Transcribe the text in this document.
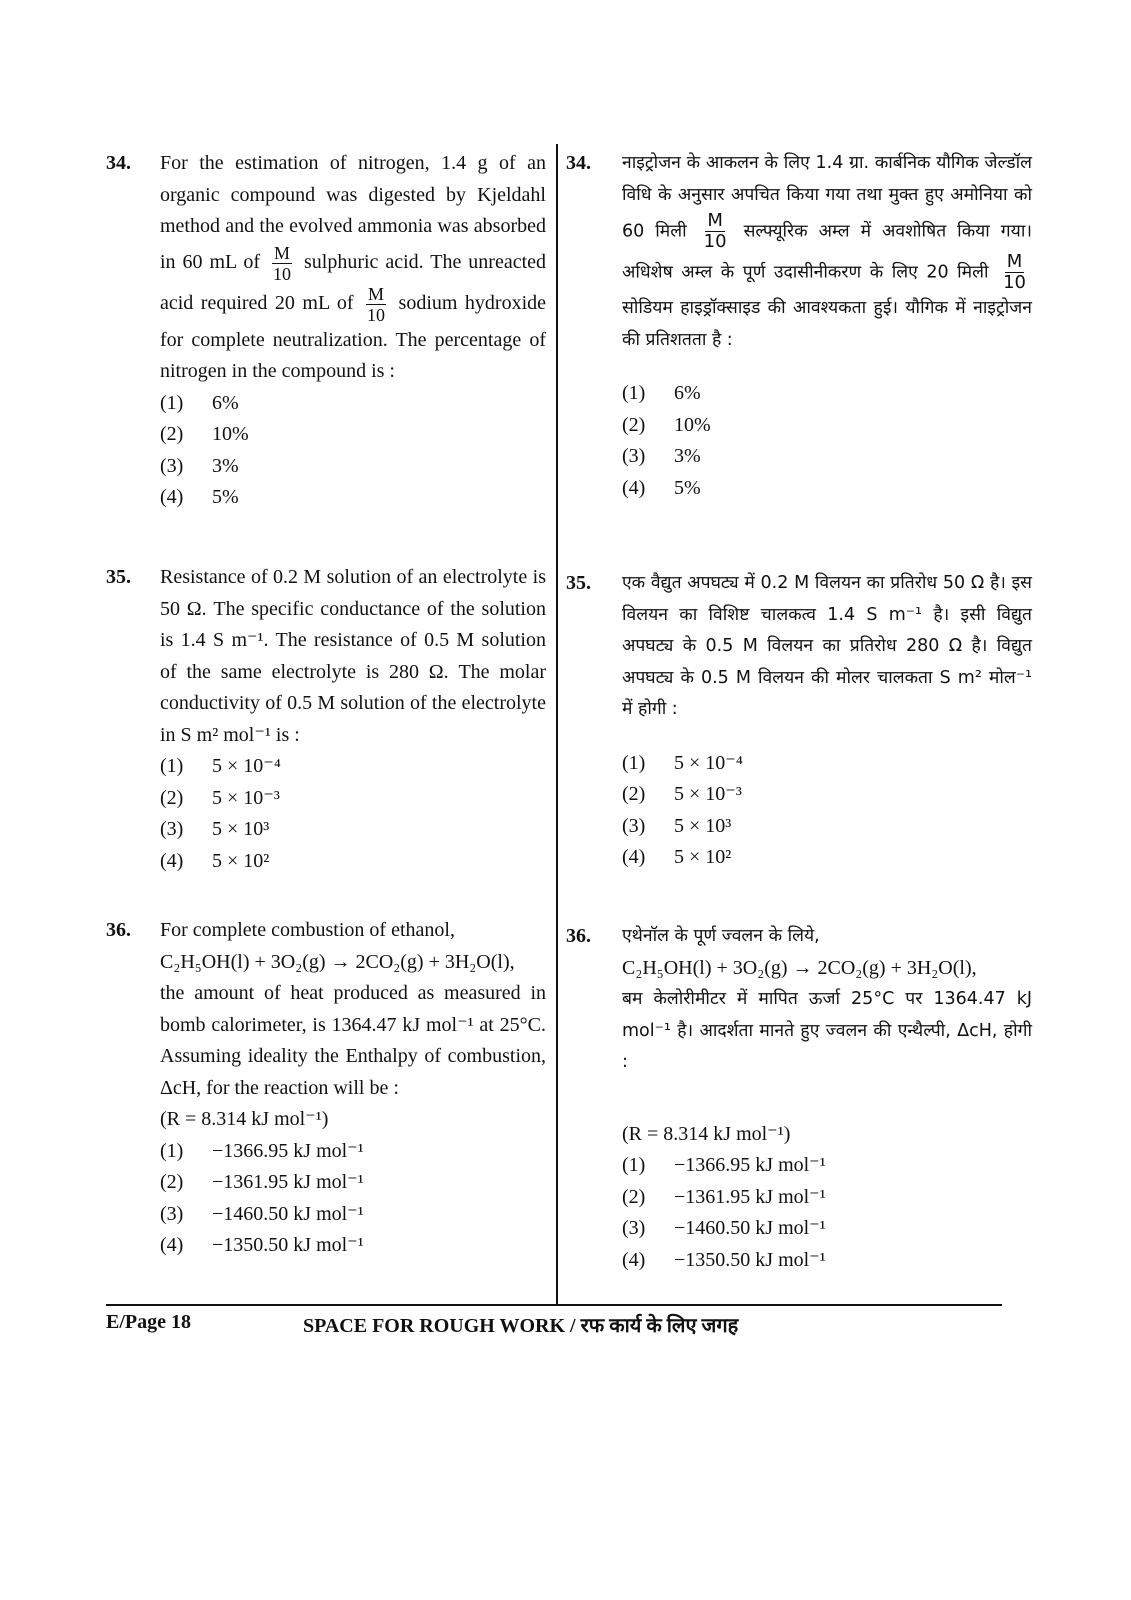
34. For the estimation of nitrogen, 1.4 g of an organic compound was digested by Kjeldahl method and the evolved ammonia was absorbed in 60 mL of $\frac{M}{10}$ sulphuric acid. The unreacted acid required 20 mL of $\frac{M}{10}$ sodium hydroxide for complete neutralization. The percentage of nitrogen in the compound is :
(1)	6%
(2)	10%
(3)	3%
(4)	5%
35. Resistance of 0.2 M solution of an electrolyte is 50 Ω. The specific conductance of the solution is 1.4 S m⁻¹. The resistance of 0.5 M solution of the same electrolyte is 280 Ω. The molar conductivity of 0.5 M solution of the electrolyte in S m² mol⁻¹ is :
(1)	5 × 10⁻⁴
(2)	5 × 10⁻³
(3)	5 × 10³
(4)	5 × 10²
36. For complete combustion of ethanol,
C₂H₅OH(l) + 3O₂(g) → 2CO₂(g) + 3H₂O(l),
the amount of heat produced as measured in bomb calorimeter, is 1364.47 kJ mol⁻¹ at 25°C. Assuming ideality the Enthalpy of combustion, ΔcH, for the reaction will be :
(R = 8.314 kJ mol⁻¹)
(1)	−1366.95 kJ mol⁻¹
(2)	−1361.95 kJ mol⁻¹
(3)	−1460.50 kJ mol⁻¹
(4)	−1350.50 kJ mol⁻¹
34. नाइट्रोजन के आकलन के लिए 1.4 ग्रा. कार्बनिक यौगिक जेल्डॉल विधि के अनुसार अपचित किया गया तथा मुक्त हुए अमोनिया को 60 मिली $\frac{M}{10}$ सल्फ्यूरिक अम्ल में अवशोषित किया गया। अधिशेष अम्ल के पूर्ण उदासीनीकरण के लिए 20 मिली $\frac{M}{10}$
सोडियम हाइड्रॉक्साइड की आवश्यकता हुई। यौगिक में नाइट्रोजन की प्रतिशतता है :
(1)	6%
(2)	10%
(3)	3%
(4)	5%
35. एक वैद्युत अपघट्य में 0.2 M विलयन का प्रतिरोध 50 Ω है। इस विलयन का विशिष्ट चालकत्व 1.4 S m⁻¹ है। इसी विद्युत अपघट्य के 0.5 M विलयन का प्रतिरोध 280 Ω है। विद्युत अपघट्य के 0.5 M विलयन की मोलर चालकता S m² मोल⁻¹ में होगी :
(1)	5 × 10⁻⁴
(2)	5 × 10⁻³
(3)	5 × 10³
(4)	5 × 10²
36. एथेनॉल के पूर्ण ज्वलन के लिये,
C₂H₅OH(l) + 3O₂(g) → 2CO₂(g) + 3H₂O(l),
बम केलोरीमीटर में मापित ऊर्जा 25°C पर 1364.47 kJ mol⁻¹ है। आदर्शता मानते हुए ज्वलन की एन्थैल्पी, ΔcH, होगी :
(R = 8.314 kJ mol⁻¹)
(1)	−1366.95 kJ mol⁻¹
(2)	−1361.95 kJ mol⁻¹
(3)	−1460.50 kJ mol⁻¹
(4)	−1350.50 kJ mol⁻¹
E/Page 18	SPACE FOR ROUGH WORK / रफ कार्य के लिए जगह
